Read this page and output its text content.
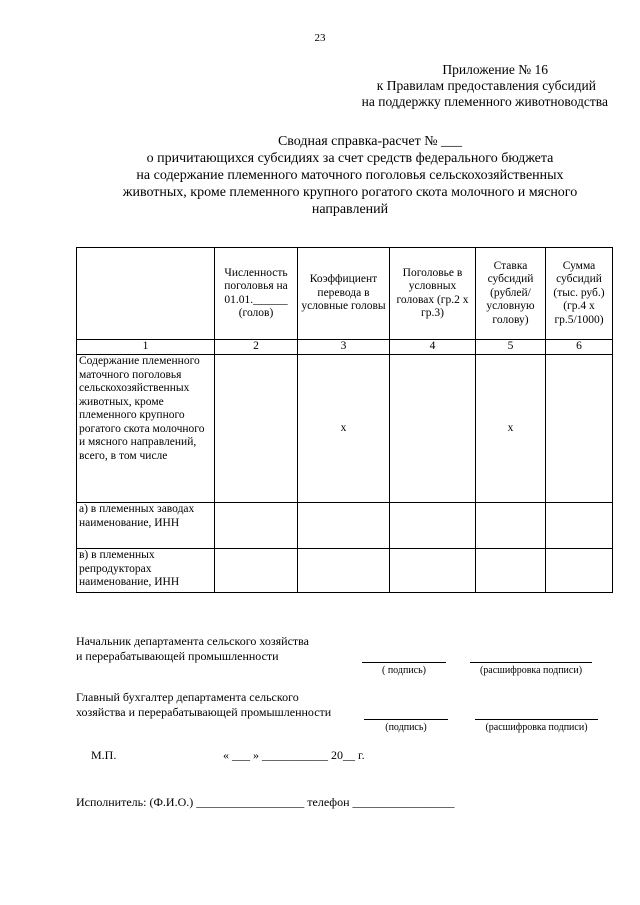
23
Приложение № 16
к Правилам предоставления субсидий
на поддержку племенного животноводства
Сводная справка-расчет № ___
о причитающихся субсидиях за счет средств федерального бюджета
на содержание племенного маточного поголовья сельскохозяйственных
животных, кроме племенного крупного рогатого скота молочного и мясного
направлений
	Численность поголовья на 01.01.______ (голов)	Коэффициент перевода в условные головы	Поголовье в условных головах (гр.2 х гр.3)	Ставка субсидий (рублей/ условную голову)	Сумма субсидий (тыс. руб.) (гр.4 х гр.5/1000)
1	2	3	4	5	6
Содержание племенного маточного поголовья сельскохозяйственных животных, кроме племенного крупного рогатого скота молочного и мясного направлений, всего, в том числе		x		x	
а) в племенных заводах наименование, ИНН					
в) в племенных репродукторах наименование, ИНН					
Начальник департамента сельского хозяйства
и перерабатывающей промышленности
( подпись)	(расшифровка подписи)
Главный бухгалтер департамента сельского
хозяйства и перерабатывающей промышленности
(подпись)	(расшифровка подписи)
М.П.	« ___ » ___________ 20__ г.
Исполнитель: (Ф.И.О.) __________________ телефон _________________
